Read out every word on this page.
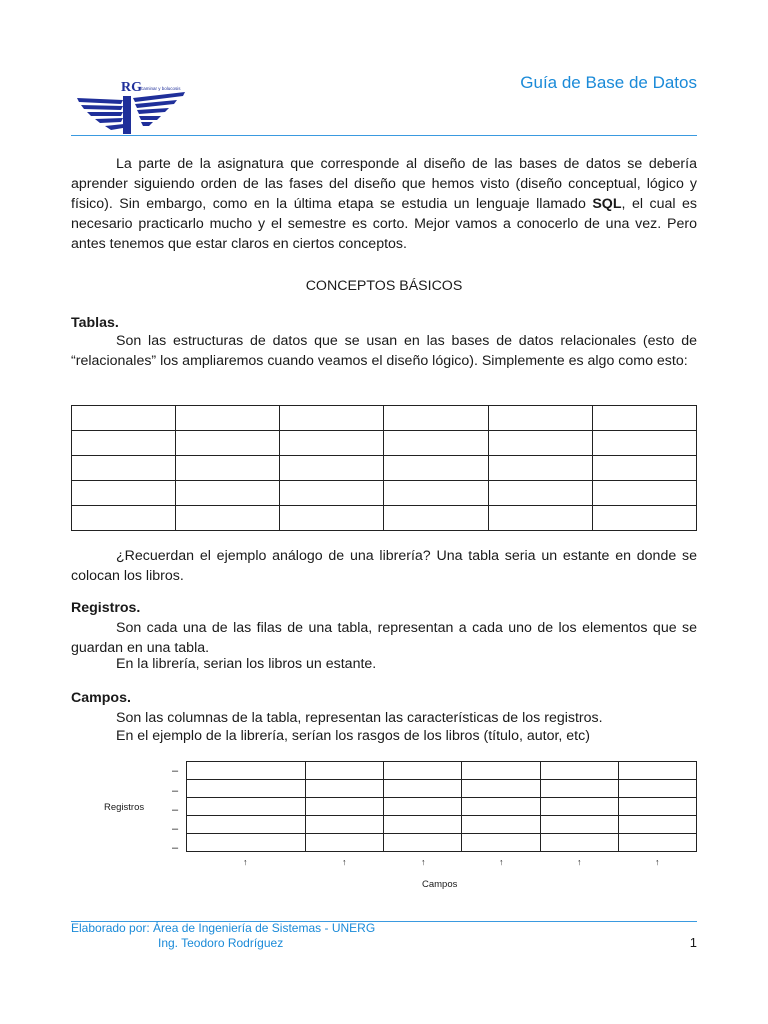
RG caminar y bolucosis	Guía de Base de Datos
La parte de la asignatura que corresponde al diseño de las bases de datos se debería aprender siguiendo orden de las fases del diseño que hemos visto (diseño conceptual, lógico y físico). Sin embargo, como en la última etapa se estudia un lenguaje llamado SQL, el cual es necesario practicarlo mucho y el semestre es corto. Mejor vamos a conocerlo de una vez. Pero antes tenemos que estar claros en ciertos conceptos.
CONCEPTOS BÁSICOS
Tablas.
Son las estructuras de datos que se usan en las bases de datos relacionales (esto de “relacionales” los ampliaremos cuando veamos el diseño lógico). Simplemente es algo como esto:

¿Recuerdan el ejemplo análogo de una librería? Una tabla seria un estante en donde se colocan los libros.
Registros.
Son cada una de las filas de una tabla, representan a cada uno de los elementos que se guardan en una tabla.
En la librería, serian los libros un estante.
Campos.
Son las columnas de la tabla, representan las características de los registros.
En el ejemplo de la librería, serían los rasgos de los libros (título, autor, etc)
Registros
–
–
–
–
–

↑	↑	↑	↑	↑	↑
Campos
Elaborado por: Área de Ingeniería de Sistemas - UNERG
Ing. Teodoro Rodríguez	1
